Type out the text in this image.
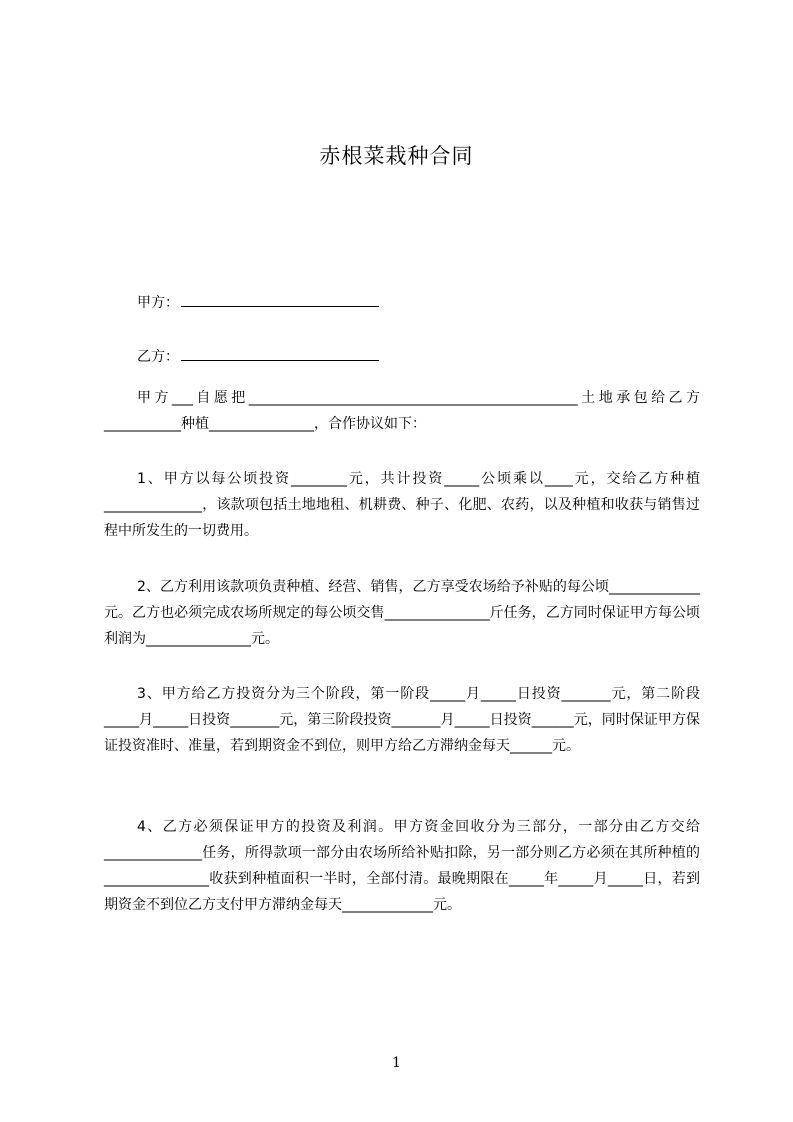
赤根菜栽种合同
甲方：
乙方：

甲方___自愿把_______________________________________________土地承包给乙方___________种植_______________，合作协议如下：

1、甲方以每公顷投资________元，共计投资_____公顷乘以____元，交给乙方种植______________，该款项包括土地地租、机耕费、种子、化肥、农药，以及种植和收获与销售过程中所发生的一切费用。

2、乙方利用该款项负责种植、经营、销售，乙方享受农场给予补贴的每公顷_____________元。乙方也必须完成农场所规定的每公顷交售_______________斤任务，乙方同时保证甲方每公顷利润为_______________元。

3、甲方给乙方投资分为三个阶段，第一阶段_____月_____日投资_______元，第二阶段_____月_____日投资_______元，第三阶段投资_______月_____日投资______元，同时保证甲方保证投资准时、准量，若到期资金不到位，则甲方给乙方滞纳金每天______元。

4、乙方必须保证甲方的投资及利润。甲方资金回收分为三部分，一部分由乙方交给______________任务，所得款项一部分由农场所给补贴扣除，另一部分则乙方必须在其所种植的_______________收获到种植面积一半时，全部付清。最晚期限在_____年_____月_____日，若到期资金不到位乙方支付甲方滞纳金每天_____________元。

1
